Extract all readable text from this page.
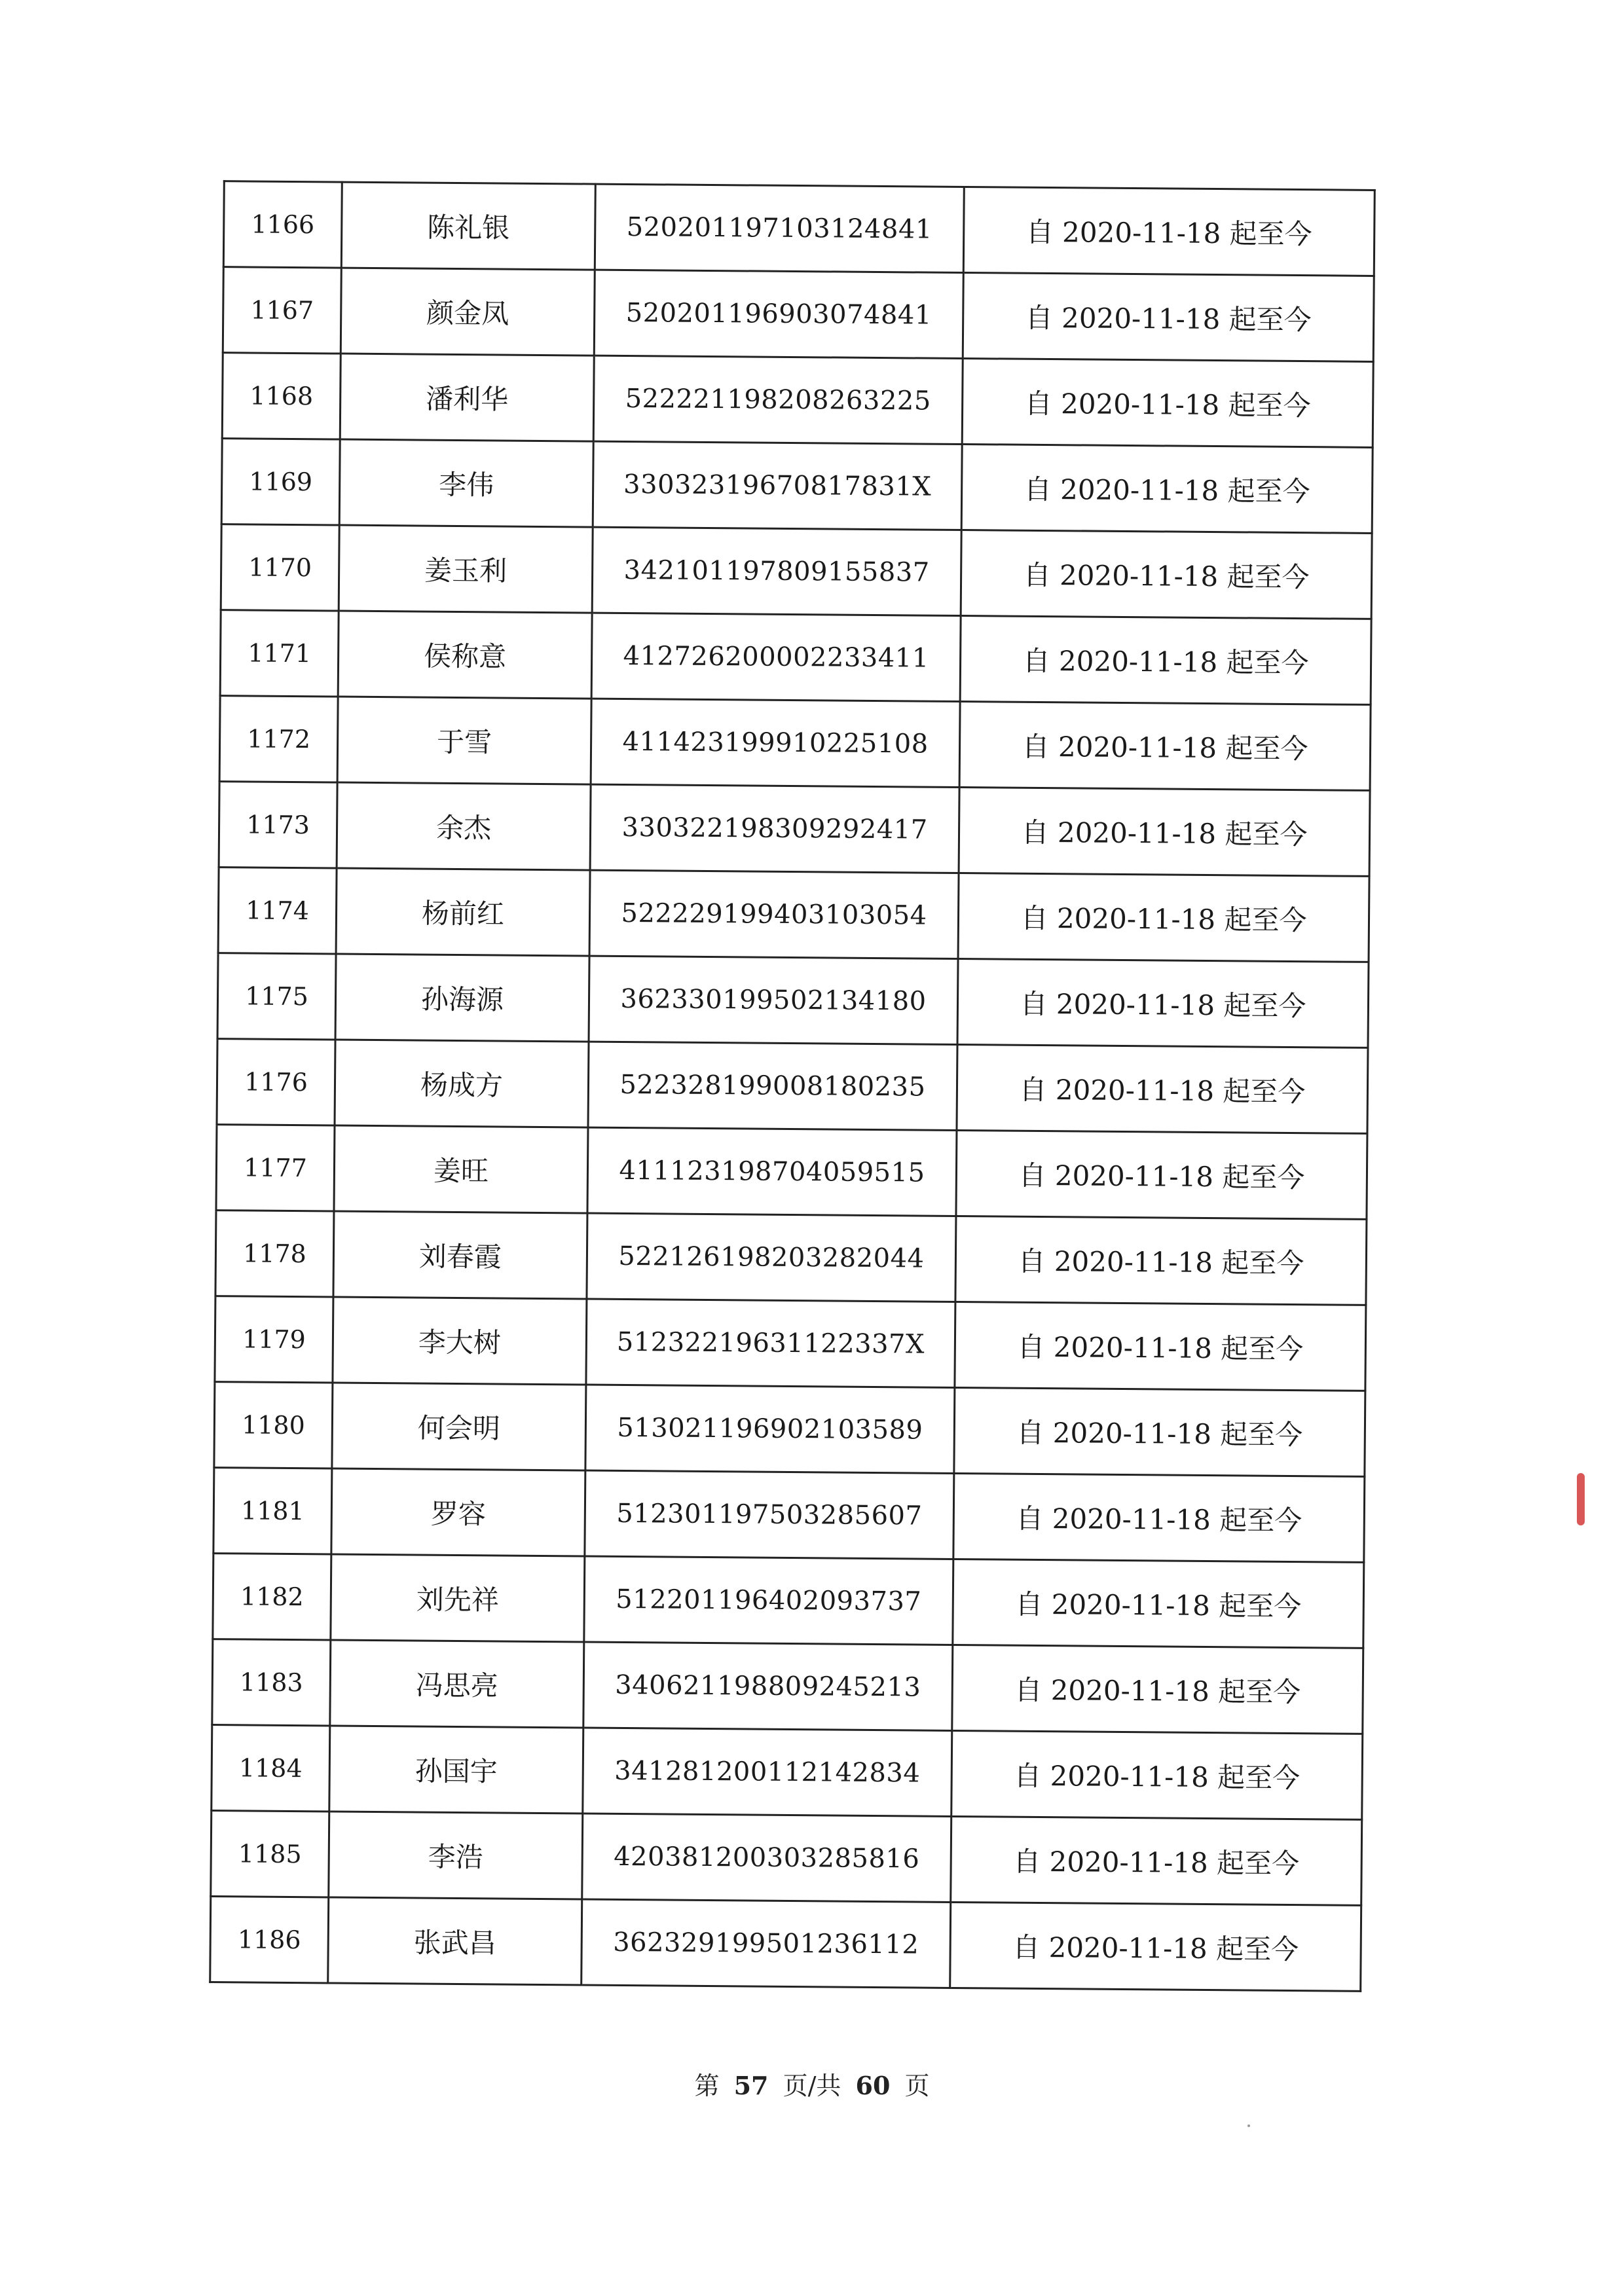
1166	陈礼银	520201197103124841	自 2020-11-18 起至今
1167	颜金凤	520201196903074841	自 2020-11-18 起至今
1168	潘利华	522221198208263225	自 2020-11-18 起至今
1169	李伟	33032319670817831X	自 2020-11-18 起至今
1170	姜玉利	342101197809155837	自 2020-11-18 起至今
1171	侯称意	412726200002233411	自 2020-11-18 起至今
1172	于雪	411423199910225108	自 2020-11-18 起至今
1173	余杰	330322198309292417	自 2020-11-18 起至今
1174	杨前红	522229199403103054	自 2020-11-18 起至今
1175	孙海源	362330199502134180	自 2020-11-18 起至今
1176	杨成方	522328199008180235	自 2020-11-18 起至今
1177	姜旺	411123198704059515	自 2020-11-18 起至今
1178	刘春霞	522126198203282044	自 2020-11-18 起至今
1179	李大树	51232219631122337X	自 2020-11-18 起至今
1180	何会明	513021196902103589	自 2020-11-18 起至今
1181	罗容	512301197503285607	自 2020-11-18 起至今
1182	刘先祥	512201196402093737	自 2020-11-18 起至今
1183	冯思亮	340621198809245213	自 2020-11-18 起至今
1184	孙国宇	341281200112142834	自 2020-11-18 起至今
1185	李浩	420381200303285816	自 2020-11-18 起至今
1186	张武昌	362329199501236112	自 2020-11-18 起至今
第 57 页/共 60 页
